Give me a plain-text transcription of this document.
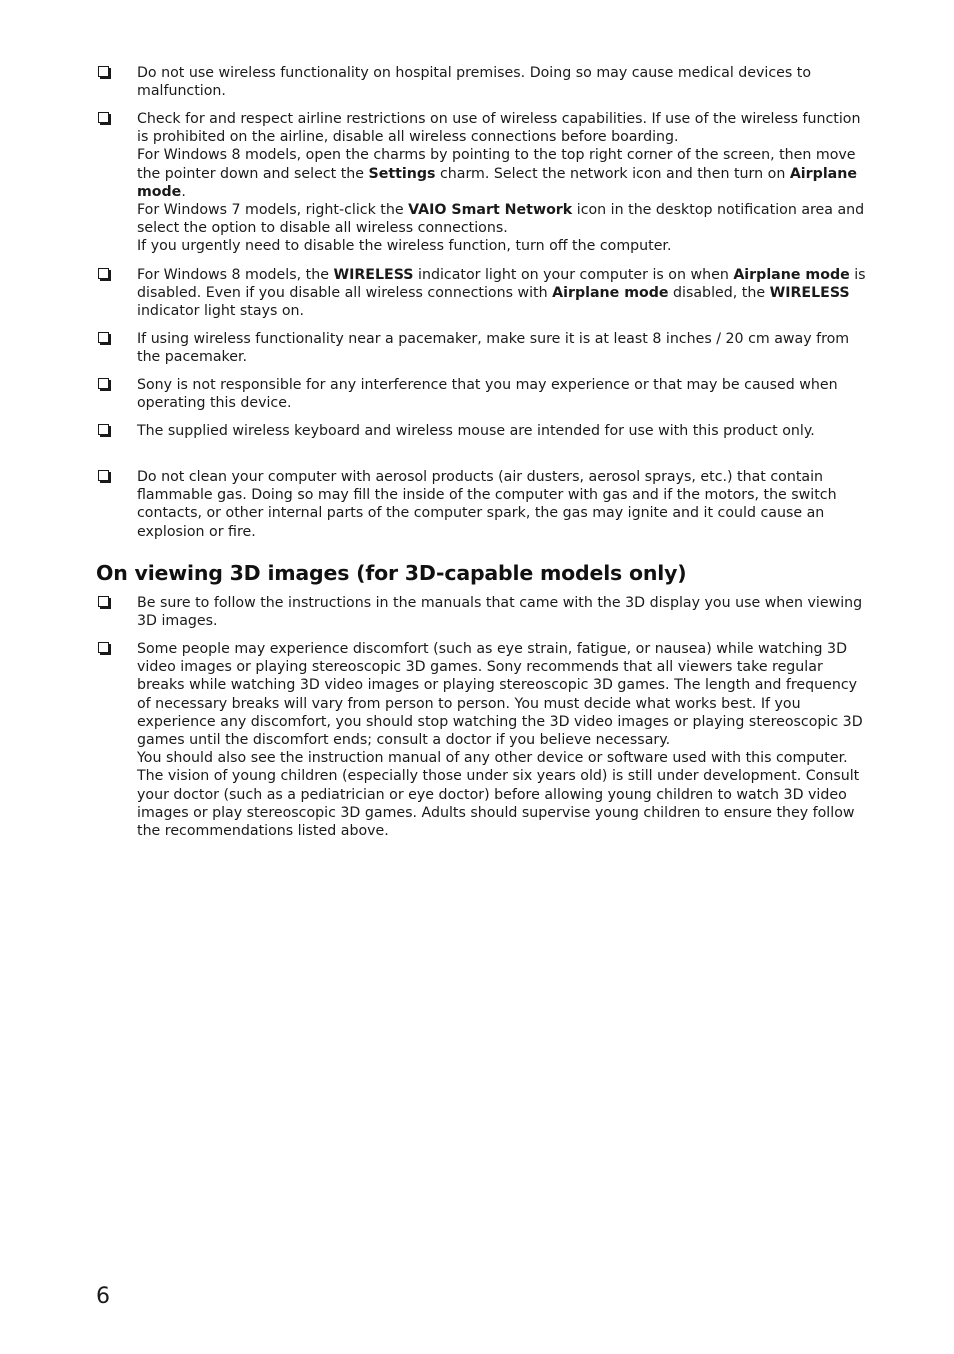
Do not use wireless functionality on hospital premises. Doing so may cause medical devices to malfunction.

Check for and respect airline restrictions on use of wireless capabilities. If use of the wireless function is prohibited on the airline, disable all wireless connections before boarding.

For Windows 8 models, open the charms by pointing to the top right corner of the screen, then move the pointer down and select the Settings charm. Select the network icon and then turn on Airplane mode.

For Windows 7 models, right-click the VAIO Smart Network icon in the desktop notification area and select the option to disable all wireless connections.

If you urgently need to disable the wireless function, turn off the computer.

For Windows 8 models, the WIRELESS indicator light on your computer is on when Airplane mode is disabled. Even if you disable all wireless connections with Airplane mode disabled, the WIRELESS indicator light stays on.

If using wireless functionality near a pacemaker, make sure it is at least 8 inches / 20 cm away from the pacemaker.

Sony is not responsible for any interference that you may experience or that may be caused when operating this device.

The supplied wireless keyboard and wireless mouse are intended for use with this product only.

Do not clean your computer with aerosol products (air dusters, aerosol sprays, etc.) that contain flammable gas. Doing so may fill the inside of the computer with gas and if the motors, the switch contacts, or other internal parts of the computer spark, the gas may ignite and it could cause an explosion or fire.

On viewing 3D images (for 3D-capable models only)

Be sure to follow the instructions in the manuals that came with the 3D display you use when viewing 3D images.

Some people may experience discomfort (such as eye strain, fatigue, or nausea) while watching 3D video images or playing stereoscopic 3D games. Sony recommends that all viewers take regular breaks while watching 3D video images or playing stereoscopic 3D games. The length and frequency of necessary breaks will vary from person to person. You must decide what works best. If you experience any discomfort, you should stop watching the 3D video images or playing stereoscopic 3D games until the discomfort ends; consult a doctor if you believe necessary.

You should also see the instruction manual of any other device or software used with this computer.

The vision of young children (especially those under six years old) is still under development. Consult your doctor (such as a pediatrician or eye doctor) before allowing young children to watch 3D video images or play stereoscopic 3D games. Adults should supervise young children to ensure they follow the recommendations listed above.

6
